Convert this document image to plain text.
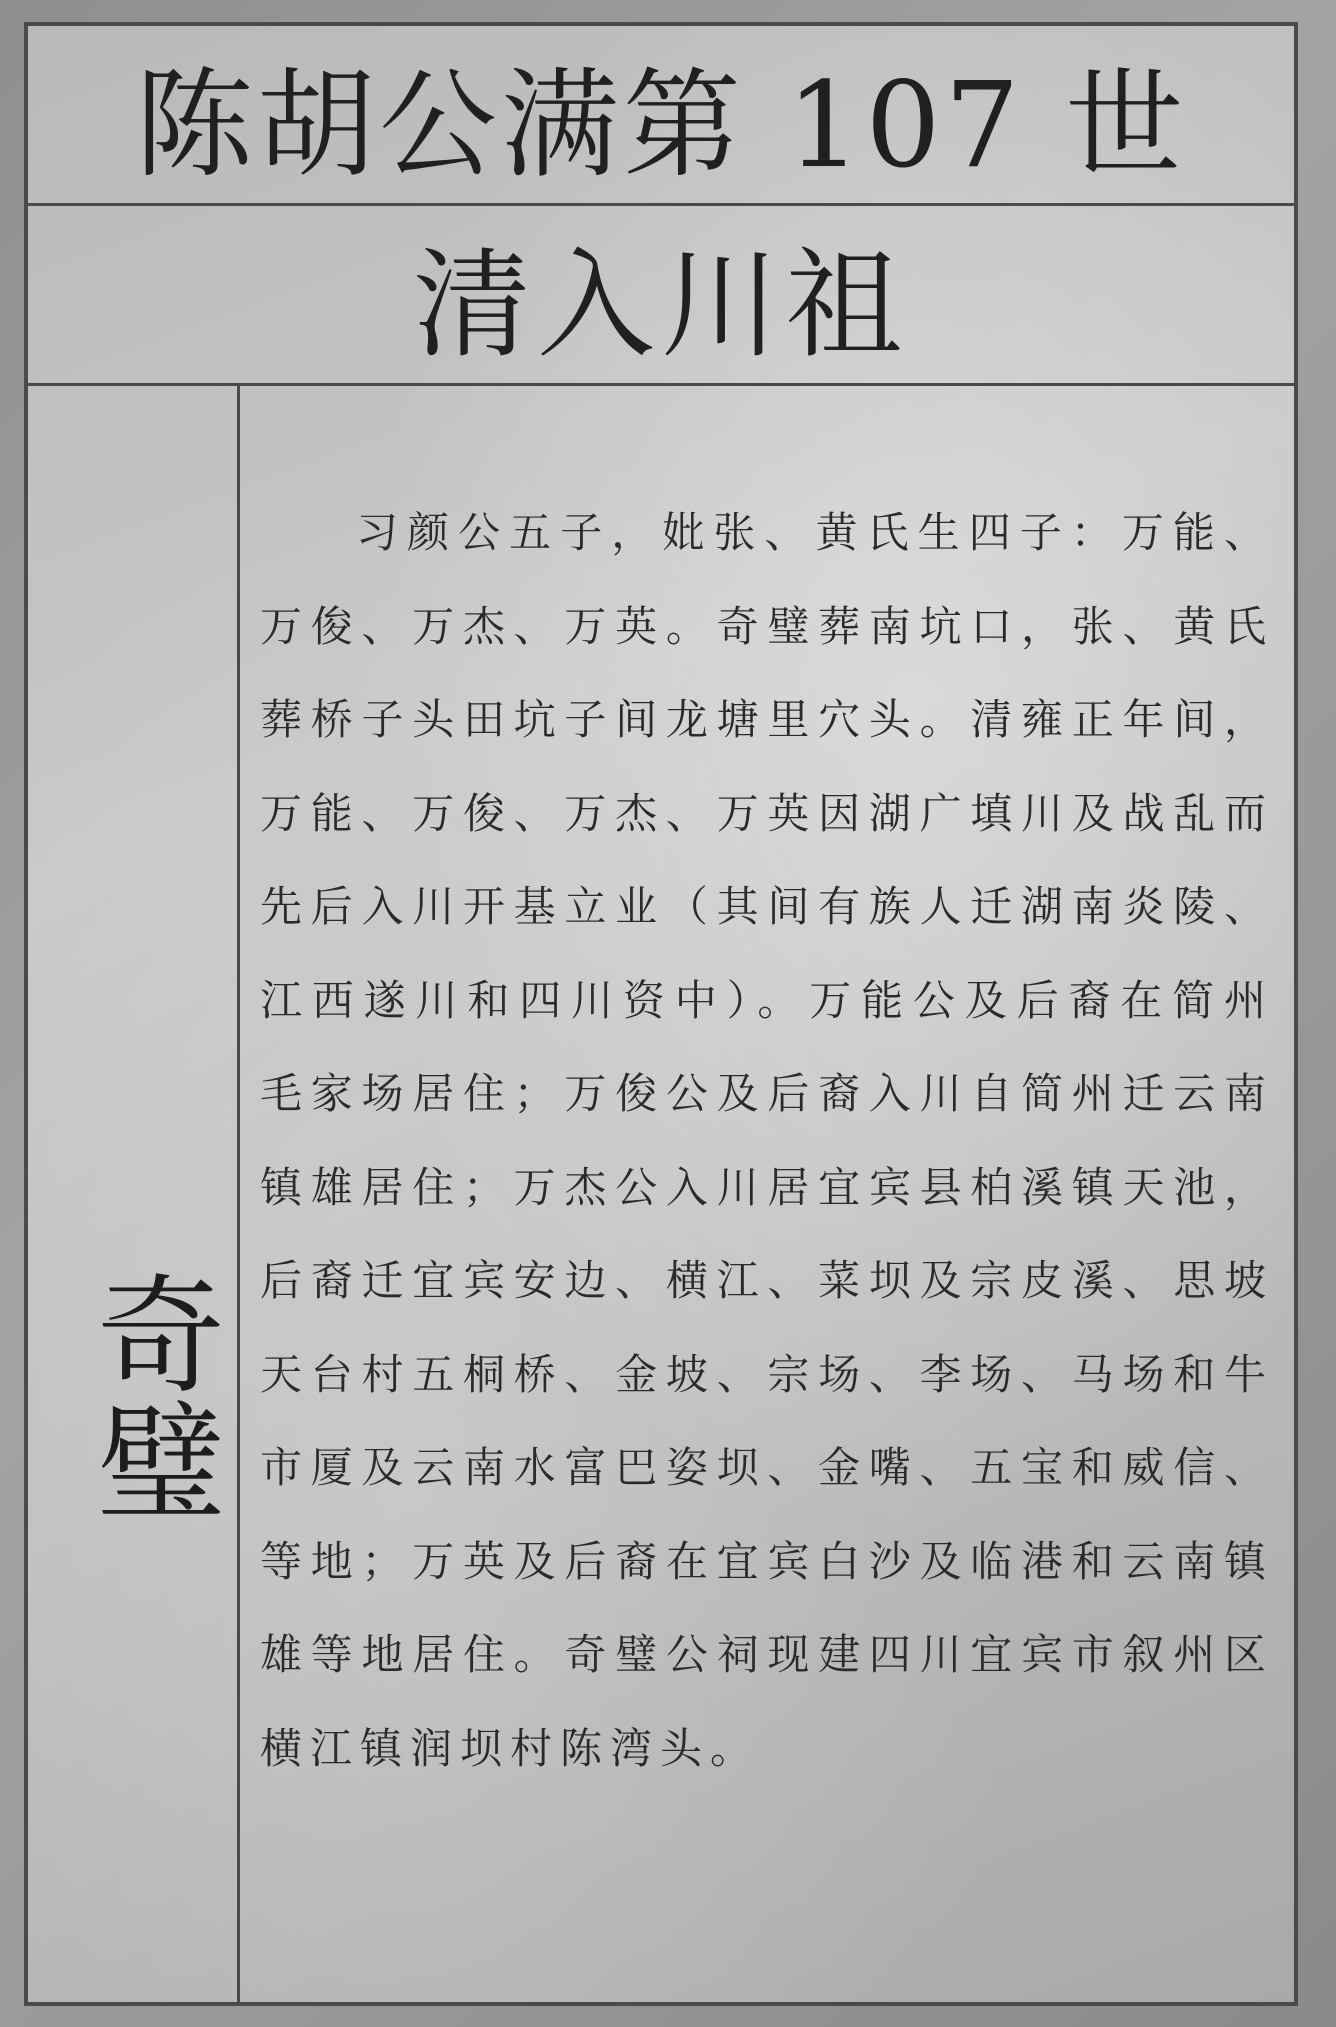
陈胡公满第 107 世
清入川祖
奇璧

习颜公五子，妣张、黄氏生四子：万能、万俊、万杰、万英。奇璧葬南坑口，张、黄氏葬桥子头田坑子间龙塘里穴头。清雍正年间，万能、万俊、万杰、万英因湖广填川及战乱而先后入川开基立业（其间有族人迁湖南炎陵、江西遂川和四川资中）。万能公及后裔在简州毛家场居住；万俊公及后裔入川自简州迁云南镇雄居住；万杰公入川居宜宾县柏溪镇天池，后裔迁宜宾安边、横江、菜坝及宗皮溪、思坡天台村五桐桥、金坡、宗场、李场、马场和牛市厦及云南水富巴姿坝、金嘴、五宝和威信、等地；万英及后裔在宜宾白沙及临港和云南镇雄等地居住。奇璧公祠现建四川宜宾市叙州区横江镇润坝村陈湾头。
